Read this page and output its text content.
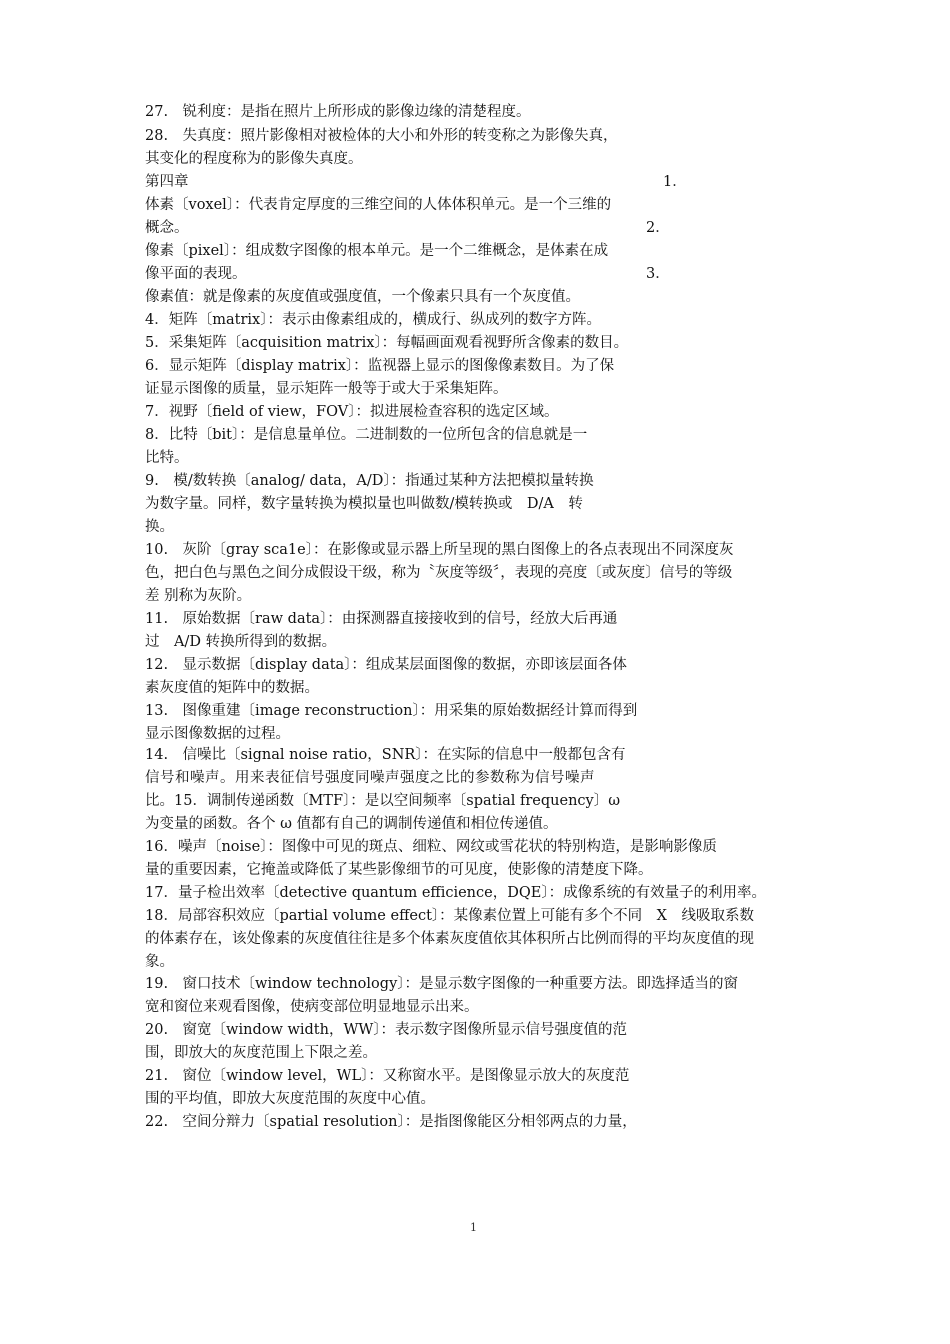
27.　锐利度：是指在照片上所形成的影像边缘的清楚程度。
28.　失真度：照片影像相对被检体的大小和外形的转变称之为影像失真，
其变化的程度称为的影像失真度。
第四章	1．
体素〔voxel〕：代表肯定厚度的三维空间的人体体积单元。是一个三维的
概念。	2．
像素〔pixel〕：组成数字图像的根本单元。是一个二维概念，是体素在成
像平面的表现。	3．
像素值：就是像素的灰度值或强度值，一个像素只具有一个灰度值。
4．矩阵〔matrix〕：表示由像素组成的，横成行、纵成列的数字方阵。
5．采集矩阵〔acquisition matrix〕：每幅画面观看视野所含像素的数目。
6．显示矩阵〔display matrix〕：监视器上显示的图像像素数目。为了保
证显示图像的质量，显示矩阵一般等于或大于采集矩阵。
7．视野〔field of view，FOV〕：拟进展检查容积的选定区域。
8．比特〔bit〕：是信息量单位。二进制数的一位所包含的信息就是一
比特。
9.　模/数转换〔analog/ data，A/D〕：指通过某种方法把模拟量转换
为数字量。同样，数字量转换为模拟量也叫做数/模转换或　D/A　转
换。
10.　灰阶〔gray sca1e〕：在影像或显示器上所呈现的黑白图像上的各点表现出不同深度灰
色，把白色与黑色之间分成假设干级，称为〝灰度等级〞，表现的亮度〔或灰度〕信号的等级
差 别称为灰阶。
11.　原始数据〔raw data〕：由探测器直接接收到的信号，经放大后再通
过　A/D 转换所得到的数据。
12.　显示数据〔display data〕：组成某层面图像的数据，亦即该层面各体
素灰度值的矩阵中的数据。
13.　图像重建〔image reconstruction〕：用采集的原始数据经计算而得到
显示图像数据的过程。
14.　信噪比〔signal noise ratio，SNR〕：在实际的信息中一般都包含有
信号和噪声。用来表征信号强度同噪声强度之比的参数称为信号噪声
比。15．调制传递函数〔MTF〕：是以空间频率〔spatial frequency〕ω
为变量的函数。各个 ω 值都有自己的调制传递值和相位传递值。
16．噪声〔noise〕：图像中可见的斑点、细粒、网纹或雪花状的特别构造，是影响影像质
量的重要因素，它掩盖或降低了某些影像细节的可见度，使影像的清楚度下降。
17．量子检出效率〔detective quantum efficience，DQE〕：成像系统的有效量子的利用率。
18．局部容积效应〔partial volume effect〕：某像素位置上可能有多个不同　X　线吸取系数
的体素存在，该处像素的灰度值往往是多个体素灰度值依其体积所占比例而得的平均灰度值的现
象。
19.　窗口技术〔window technology〕：是显示数字图像的一种重要方法。即选择适当的窗
宽和窗位来观看图像，使病变部位明显地显示出来。
20.　窗宽〔window width，WW〕：表示数字图像所显示信号强度值的范
围，即放大的灰度范围上下限之差。
21.　窗位〔window level，WL〕：又称窗水平。是图像显示放大的灰度范
围的平均值，即放大灰度范围的灰度中心值。
22.　空间分辩力〔spatial resolution〕：是指图像能区分相邻两点的力量，
1
